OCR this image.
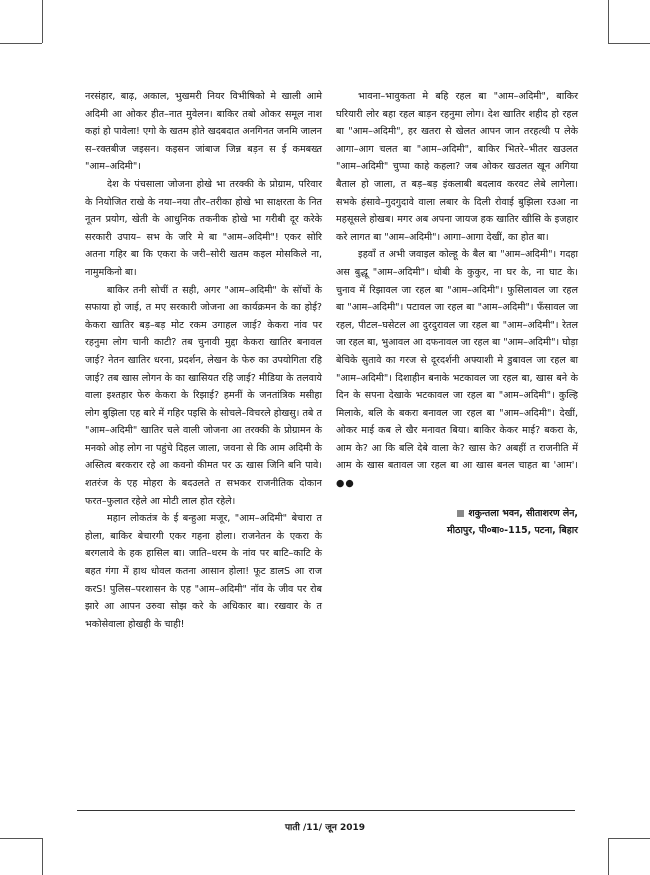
नरसंहार, बाढ़, अकाल, भुखमरी नियर विभीषिको मे खाली आमे अदिमी आ ओकर हीत–नात मुवेलन। बाकिर तबो ओकर समूल नाश कहां हो पावेला! एगो के खतम होते खदबदात अनगिनत जनमि जालन स–रक्तबीज जइसन। कइसन जांबाज जिन्न बड़न स ई कमबख्त "आम–अदिमी"।

देश के पंचसाला जोजना होखे भा तरक्की के प्रोग्राम, परिवार के नियोजित राखे के नया–नया तौर–तरीका होखे भा साक्षरता के नित नूतन प्रयोग, खेती के आधुनिक तकनीक होखे भा गरीबी दूर करेके सरकारी उपाय– सभ के जरि मे बा "आम–अदिमी"! एकर सोरि अतना गहिर बा कि एकरा के जरी–सोरी खतम कइल मोसकिले ना, नामुमकिनो बा।

बाकिर तनी सोचीं त सही, अगर "आम–अदिमी" के सॉचों के सफाया हो जाई, त मए सरकारी जोजना आ कार्यक्रमन के का होई? केकरा खातिर बड़–बड़ मोट रकम उगाहल जाई? केकरा नांव पर रहनुमा लोग चानी काटी? तब चुनावी मुद्दा केकरा खातिर बनावल जाई? नेतन खातिर धरना, प्रदर्शन, लेखन के फेरु का उपयोगिता रहि जाई? तब खास लोगन के का खासियत रहि जाई? मीडिया के तलवाये वाला इश्तहार फेरु केकरा के रिझाई? हमनीं के जनतांत्रिक मसीहा लोग बुझिला एह बारे में गहिर पइसि के सोचले–विचरले होखसु। तबे त "आम–अदिमी" खातिर चले वाली जोजना आ तरक्की के प्रोग्रामन के मनको ओह लोग ना पहुंचे दिहल जाला, जवना से कि आम अदिमी के अस्तित्व बरकरार रहे आ कवनो कीमत पर ऊ खास जिनि बनि पावे। शतरंज के एह मोहरा के बदउलते त सभकर राजनीतिक दोकान फरत–फुलात रहेले आ मोटी लाल होत रहेले।

महान लोकतंत्र के ई बन्हुआ मजूर, "आम–अदिमी" बेचारा त होला, बाकिर बेचारगी एकर गहना होला। राजनेतन के एकरा के बरगलावे के हक हासिल बा। जाति–धरम के नांव पर बाटि–काटि के बहत गंगा में हाथ धोवल कतना आसान होला! फूट डालS आ राज करS! पुलिस–परशासन के एह "आम–अदिमी" नॉव के जीव पर रोब झारे आ आपन उरुवा सोझ करे के अधिकार बा। रखवार के त भकोसेवाला होखही के चाही!

भावना–भावुकता मे बहि रहल बा "आम–अदिमी", बाकिर घरियारी लोर बहा रहल बाड़न रहनुमा लोग। देश खातिर शहीद हो रहल बा "आम–अदिमी", हर खतरा से खेलत आपन जान तरहत्थी प लेके आगा–आग चलत बा "आम–अदिमी", बाकिर भितरे–भीतर खउलत "आम–अदिमी" चुप्पा काहे कहला? जब ओकर खउलत खून अगिया बैताल हो जाला, त बड़–बड़ इंकलाबी बदलाव करवट लेबे लागेला। सभके हंसावे–गुदगुदावे वाला लबार के दिली रोवाई बुझिला रउआ ना महसूसले होखब। मगर अब अपना जायज हक खातिर खीसि के इजहार करे लागत बा "आम–अदिमी"। आगा–आगा देखीं, का होत बा।

इहवाँ त अभी जवाइल कोल्हू के बैल बा "आम–अदिमी"। गदहा अस बुद्धू "आम–अदिमी"। धोबी के कुकुर, ना घर के, ना घाट के। चुनाव में रिझावल जा रहल बा "आम–अदिमी"। फुसिलावल जा रहल बा "आम–अदिमी"। पटावल जा रहल बा "आम–अदिमी"। फँसावल जा रहल, पीटल–घसेटल आ दुरदुरावल जा रहल बा "आम–अदिमी"। रेतल जा रहल बा, भुआवल आ दफनावल जा रहल बा "आम–अदिमी"। घोड़ा बेचिके सुतावे का गरज से दूरदर्शनी अफ्याशी मे डुबावल जा रहल बा "आम–अदिमी"। दिशाहीन बनाके भटकावल जा रहल बा, खास बने के दिन के सपना देखाके भटकावल जा रहल बा "आम–अदिमी"। कुल्हि मिलाके, बलि के बकरा बनावल जा रहल बा "आम–अदिमी"। देखीं, ओकर माई कब ले खैर मनावत बिया। बाकिर केकर माई? बकरा के, आम के? आ कि बलि देबे वाला के? खास के? अबहीं त राजनीति में आम के खास बतावल जा रहल बा आ खास बनल चाहत बा 'आम'। ●●

शकुन्तला भवन, सीताशरण लेन,
मीठापुर, पी०बा०-115, पटना, बिहार
पाती /11/ जून 2019
